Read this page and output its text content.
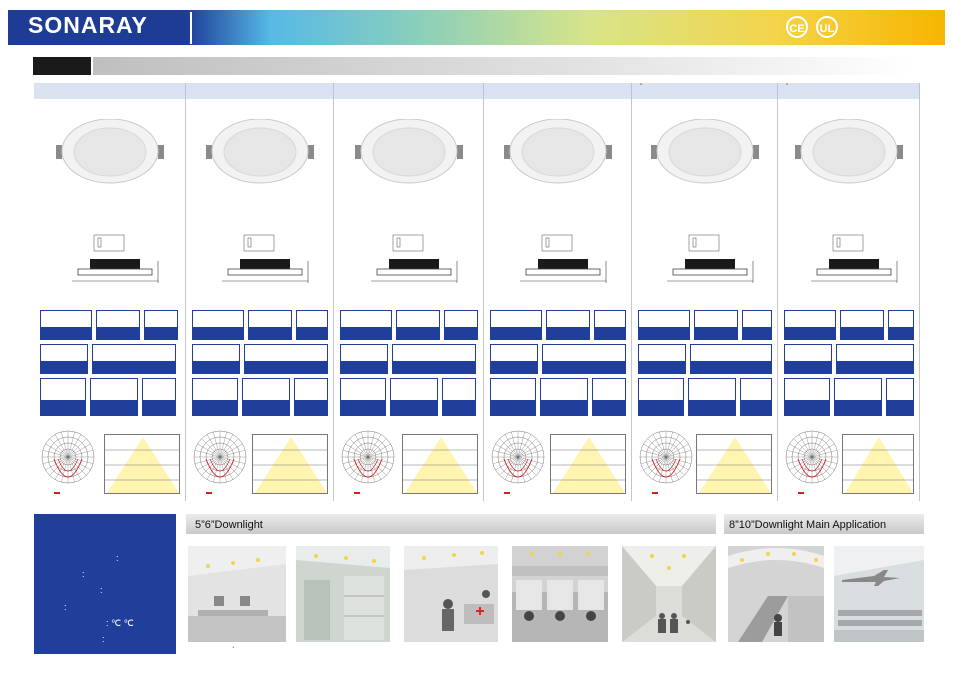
SONARAY	CE	UL
°	°	°	°
"
°
"
°
:
:
:
:
: ℃ ℃
:
5”6”Downlight	8”10”Downlight Main Application
`
